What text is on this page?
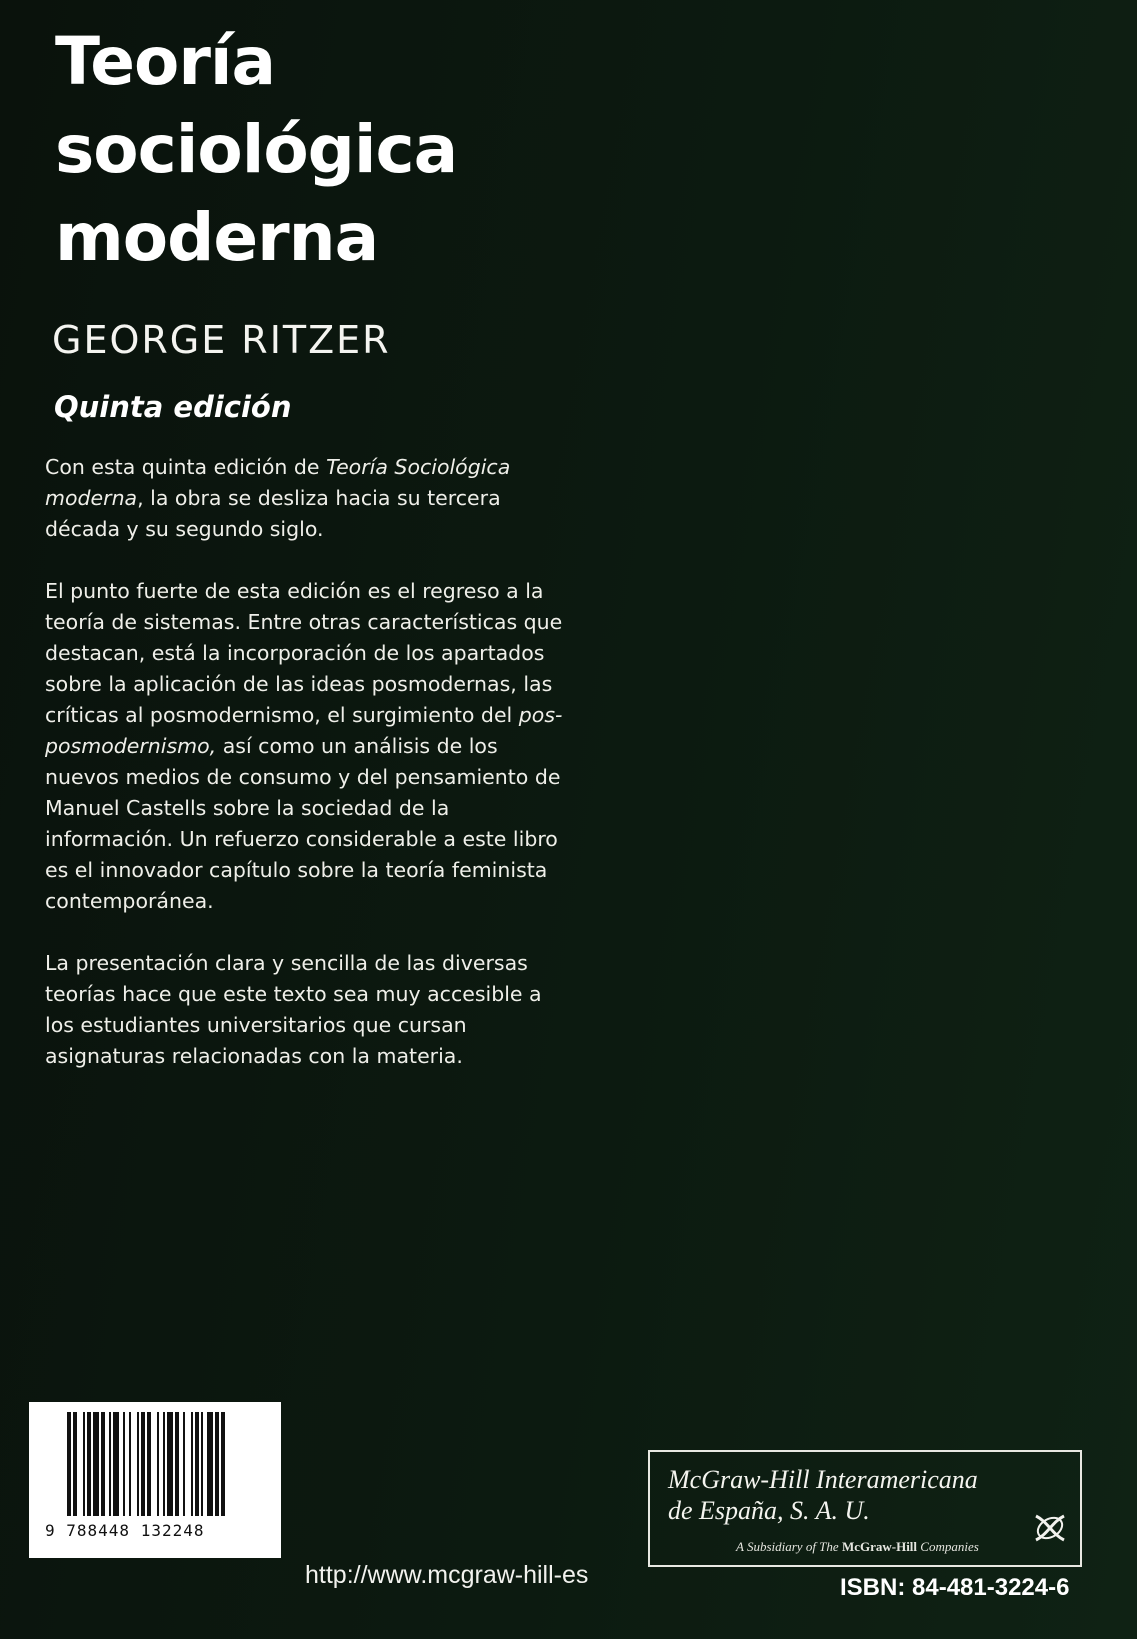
Teoría
sociológica
moderna

GEORGE RITZER

Quinta edición

Con esta quinta edición de Teoría Sociológica moderna, la obra se desliza hacia su tercera década y su segundo siglo.

El punto fuerte de esta edición es el regreso a la teoría de sistemas. Entre otras características que destacan, está la incorporación de los apartados sobre la aplicación de las ideas posmodernas, las críticas al posmodernismo, el surgimiento del pos-posmodernismo, así como un análisis de los nuevos medios de consumo y del pensamiento de Manuel Castells sobre la sociedad de la información. Un refuerzo considerable a este libro es el innovador capítulo sobre la teoría feminista contemporánea.

La presentación clara y sencilla de las diversas teorías hace que este texto sea muy accesible a los estudiantes universitarios que cursan asignaturas relacionadas con la materia.

9 788448 132248
http://www.mcgraw-hill-es
McGraw-Hill Interamericana
de España, S. A. U.
A Subsidiary of The McGraw-Hill Companies
ISBN: 84-481-3224-6
